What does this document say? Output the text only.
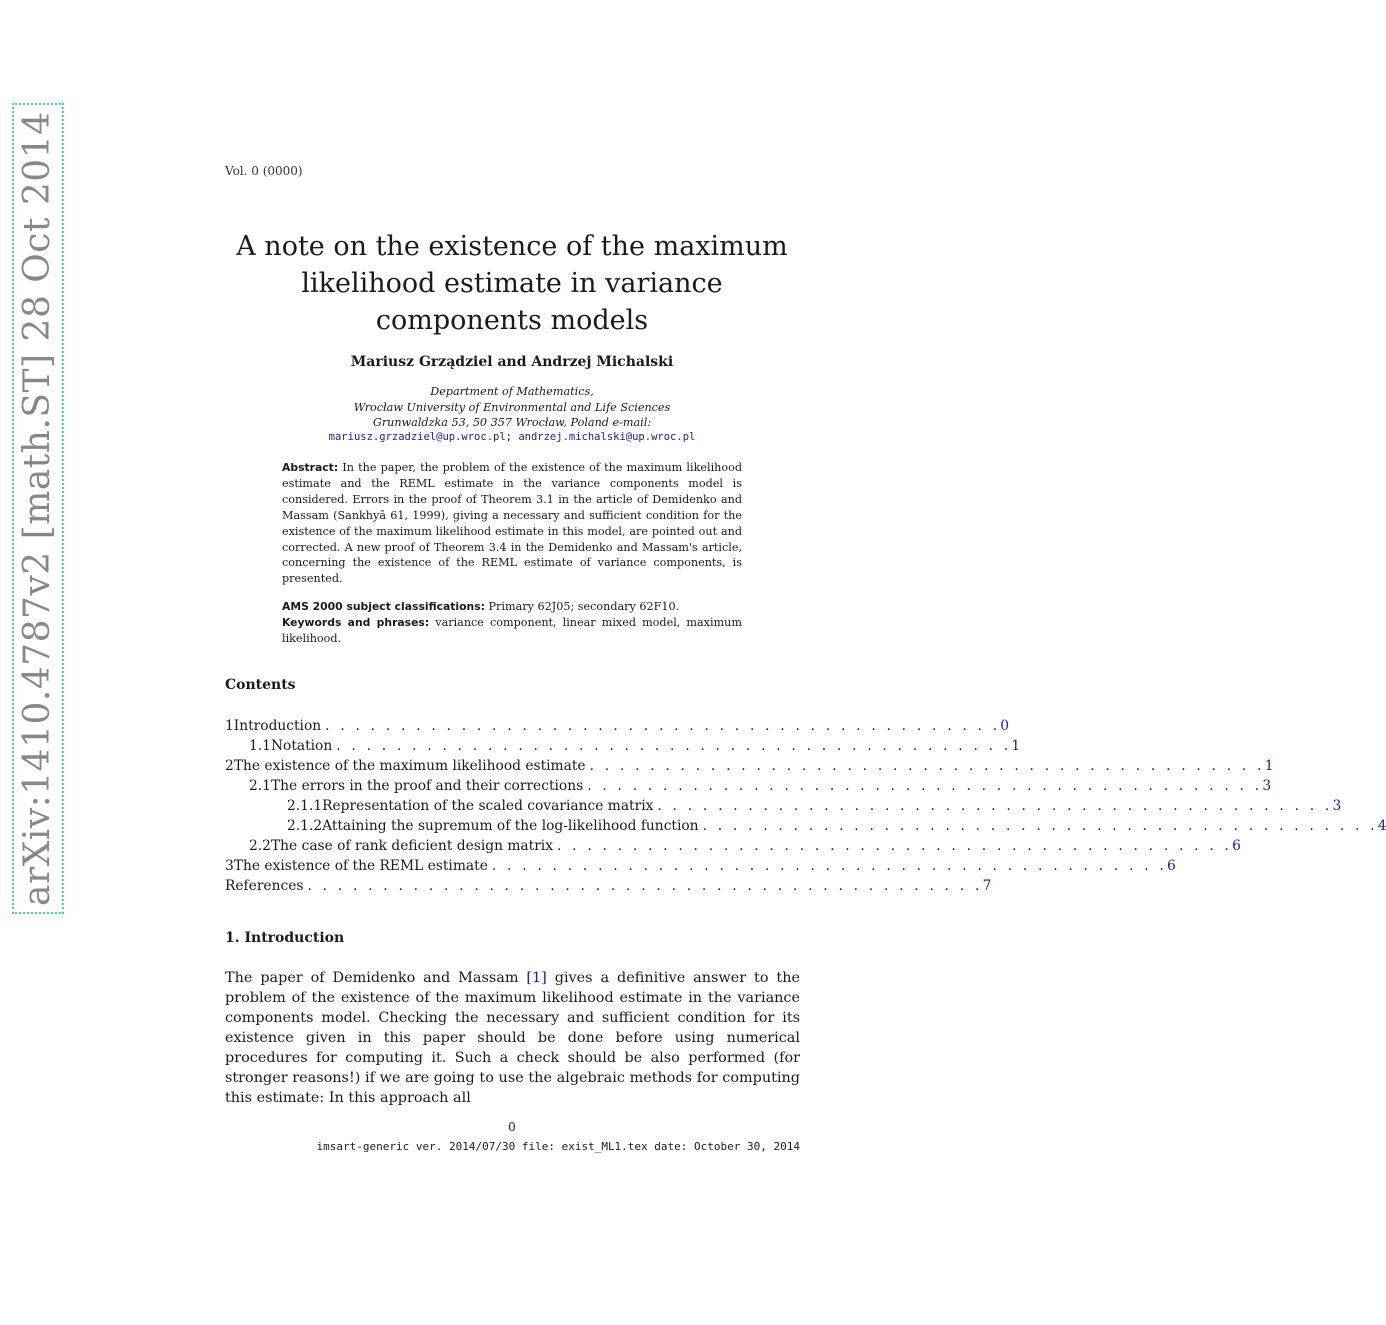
arXiv:1410.4787v2 [math.ST] 28 Oct 2014	Vol. 0 (0000)
A note on the existence of the maximum
likelihood estimate in variance
components models
Mariusz Grządziel and Andrzej Michalski
Department of Mathematics,
Wrocław University of Environmental and Life Sciences
Grunwaldzka 53, 50 357 Wrocław, Poland e-mail:
mariusz.grzadziel@up.wroc.pl; andrzej.michalski@up.wroc.pl
Abstract: In the paper, the problem of the existence of the maximum likelihood estimate and the REML estimate in the variance components model is considered. Errors in the proof of Theorem 3.1 in the article of Demidenko and Massam (Sankhyā 61, 1999), giving a necessary and sufficient condition for the existence of the maximum likelihood estimate in this model, are pointed out and corrected. A new proof of Theorem 3.4 in the Demidenko and Massam's article, concerning the existence of the REML estimate of variance components, is presented.
AMS 2000 subject classifications: Primary 62J05; secondary 62F10.
Keywords and phrases: variance component, linear mixed model, maximum likelihood.
Contents
1 Introduction . . . . . . . . . . . . . . . . . . . . . . . . . . . . . . . . . . . . . . . . . . . . . 0
1.1 Notation . . . . . . . . . . . . . . . . . . . . . . . . . . . . . . . . . . . . . . . . . . . . . 1
2 The existence of the maximum likelihood estimate . . . . . . . . . . . . . . . . . . . . . . . . . . . . . . . . . . . . . . . . . . . . . 1
2.1 The errors in the proof and their corrections . . . . . . . . . . . . . . . . . . . . . . . . . . . . . . . . . . . . . . . . . . . . . 3
2.1.1 Representation of the scaled covariance matrix . . . . . . . . . . . . . . . . . . . . . . . . . . . . . . . . . . . . . . . . . . . . . 3
2.1.2 Attaining the supremum of the log-likelihood function . . . . . . . . . . . . . . . . . . . . . . . . . . . . . . . . . . . . . . . . . . . . . 4
2.2 The case of rank deficient design matrix . . . . . . . . . . . . . . . . . . . . . . . . . . . . . . . . . . . . . . . . . . . . . 6
3 The existence of the REML estimate . . . . . . . . . . . . . . . . . . . . . . . . . . . . . . . . . . . . . . . . . . . . . 6
References . . . . . . . . . . . . . . . . . . . . . . . . . . . . . . . . . . . . . . . . . . . . . 7
1. Introduction
The paper of Demidenko and Massam [1] gives a definitive answer to the problem of the existence of the maximum likelihood estimate in the variance components model. Checking the necessary and sufficient condition for its existence given in this paper should be done before using numerical procedures for computing it. Such a check should be also performed (for stronger reasons!) if we are going to use the algebraic methods for computing this estimate: In this approach all
0
imsart-generic ver. 2014/07/30 file: exist_ML1.tex date: October 30, 2014
